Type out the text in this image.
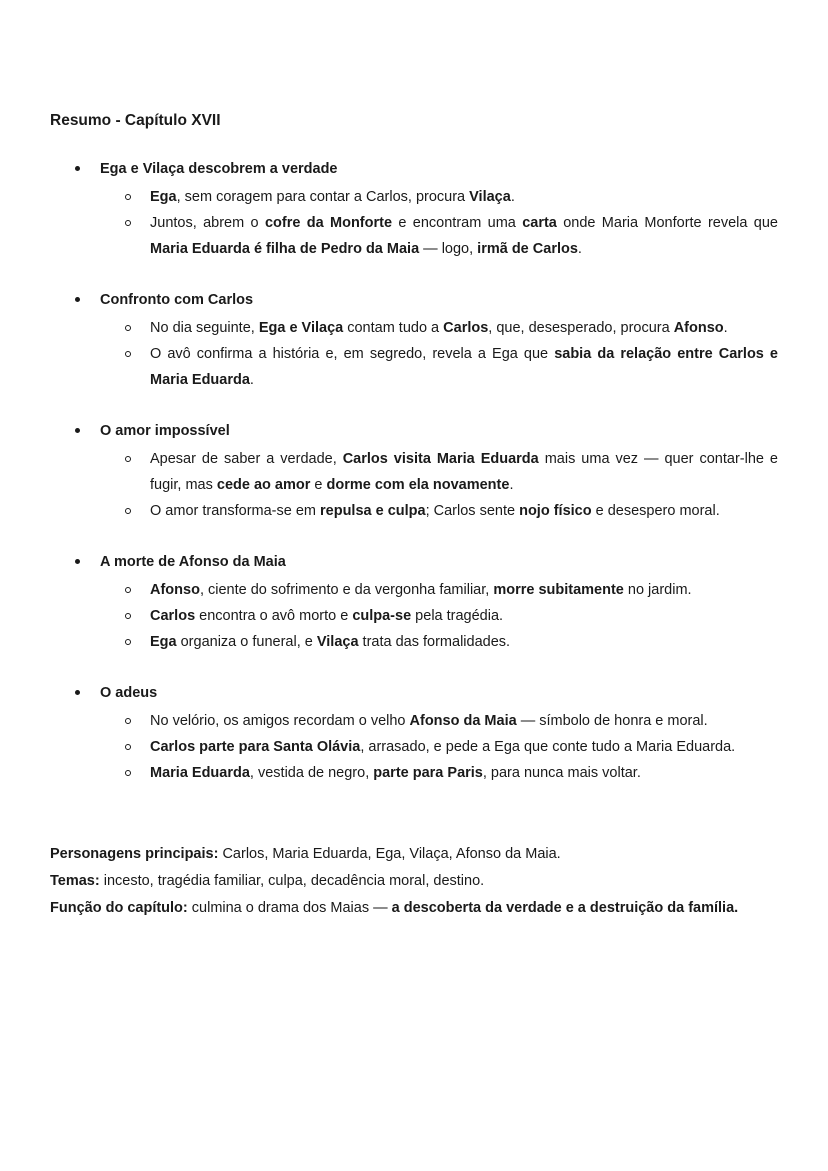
Resumo - Capítulo XVII
Ega e Vilaça descobrem a verdade
Ega, sem coragem para contar a Carlos, procura Vilaça.
Juntos, abrem o cofre da Monforte e encontram uma carta onde Maria Monforte revela que Maria Eduarda é filha de Pedro da Maia — logo, irmã de Carlos.
Confronto com Carlos
No dia seguinte, Ega e Vilaça contam tudo a Carlos, que, desesperado, procura Afonso.
O avô confirma a história e, em segredo, revela a Ega que sabia da relação entre Carlos e Maria Eduarda.
O amor impossível
Apesar de saber a verdade, Carlos visita Maria Eduarda mais uma vez — quer contar-lhe e fugir, mas cede ao amor e dorme com ela novamente.
O amor transforma-se em repulsa e culpa; Carlos sente nojo físico e desespero moral.
A morte de Afonso da Maia
Afonso, ciente do sofrimento e da vergonha familiar, morre subitamente no jardim.
Carlos encontra o avô morto e culpa-se pela tragédia.
Ega organiza o funeral, e Vilaça trata das formalidades.
O adeus
No velório, os amigos recordam o velho Afonso da Maia — símbolo de honra e moral.
Carlos parte para Santa Olávia, arrasado, e pede a Ega que conte tudo a Maria Eduarda.
Maria Eduarda, vestida de negro, parte para Paris, para nunca mais voltar.

Personagens principais: Carlos, Maria Eduarda, Ega, Vilaça, Afonso da Maia.

Temas: incesto, tragédia familiar, culpa, decadência moral, destino.

Função do capítulo: culmina o drama dos Maias — a descoberta da verdade e a destruição da família.
